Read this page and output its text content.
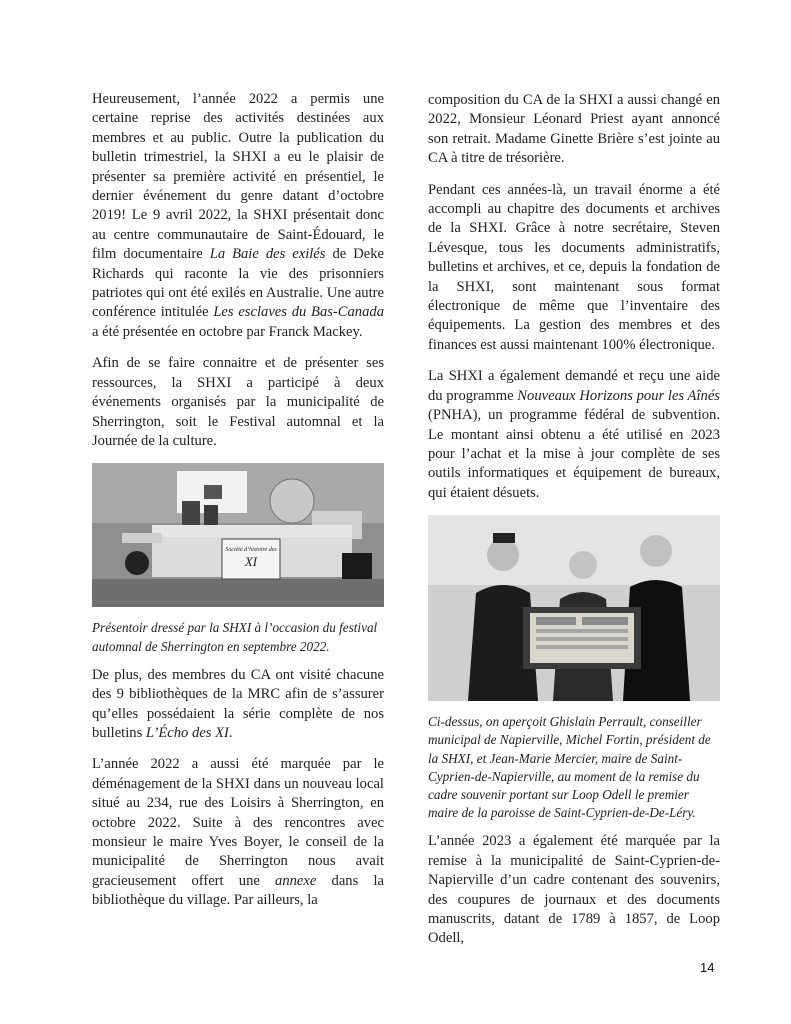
Heureusement, l’année 2022 a permis une certaine reprise des activités destinées aux membres et au public. Outre la publication du bulletin trimestriel, la SHXI a eu le plaisir de présenter sa première activité en présentiel, le dernier événement du genre datant d’octobre 2019! Le 9 avril 2022, la SHXI présentait donc au centre communautaire de Saint-Édouard, le film documentaire La Baie des exilés de Deke Richards qui raconte la vie des prisonniers patriotes qui ont été exilés en Australie. Une autre conférence intitulée Les esclaves du Bas-Canada a été présentée en octobre par Franck Mackey.

Afin de se faire connaitre et de présenter ses ressources, la SHXI a participé à deux événements organisés par la municipalité de Sherrington, soit le Festival automnal et la Journée de la culture.

Société d’histoire des
XI

Présentoir dressé par la SHXI à l’occasion du festival automnal de Sherrington en septembre 2022.

De plus, des membres du CA ont visité chacune des 9 bibliothèques de la MRC afin de s’assurer qu’elles possédaient la série complète de nos bulletins L’Écho des XI.

L’année 2022 a aussi été marquée par le déménagement de la SHXI dans un nouveau local situé au 234, rue des Loisirs à Sherrington, en octobre 2022. Suite à des rencontres avec monsieur le maire Yves Boyer, le conseil de la municipalité de Sherrington nous avait gracieusement offert une annexe dans la bibliothèque du village. Par ailleurs, la

composition du CA de la SHXI a aussi changé en 2022, Monsieur Léonard Priest ayant annoncé son retrait. Madame Ginette Brière s’est jointe au CA à titre de trésorière.

Pendant ces années-là, un travail énorme a été accompli au chapitre des documents et archives de la SHXI. Grâce à notre secrétaire, Steven Lévesque, tous les documents administratifs, bulletins et archives, et ce, depuis la fondation de la SHXI, sont maintenant sous format électronique de même que l’inventaire des équipements. La gestion des membres et des finances est aussi maintenant 100% électronique.

La SHXI a également demandé et reçu une aide du programme Nouveaux Horizons pour les Aînés (PNHA), un programme fédéral de subvention. Le montant ainsi obtenu a été utilisé en 2023 pour l’achat et la mise à jour complète de ses outils informatiques et équipement de bureaux, qui étaient désuets.

Ci-dessus, on aperçoit Ghislain Perrault, conseiller municipal de Napierville, Michel Fortin, président de la SHXI, et Jean-Marie Mercier, maire de Saint-Cyprien-de-Napierville, au moment de la remise du cadre souvenir portant sur Loop Odell le premier maire de la paroisse de Saint-Cyprien-de-De-Léry.

L’année 2023 a également été marquée par la remise à la municipalité de Saint-Cyprien-de-Napierville d’un cadre contenant des souvenirs, des coupures de journaux et des documents manuscrits, datant de 1789 à 1857, de Loop Odell,

14
